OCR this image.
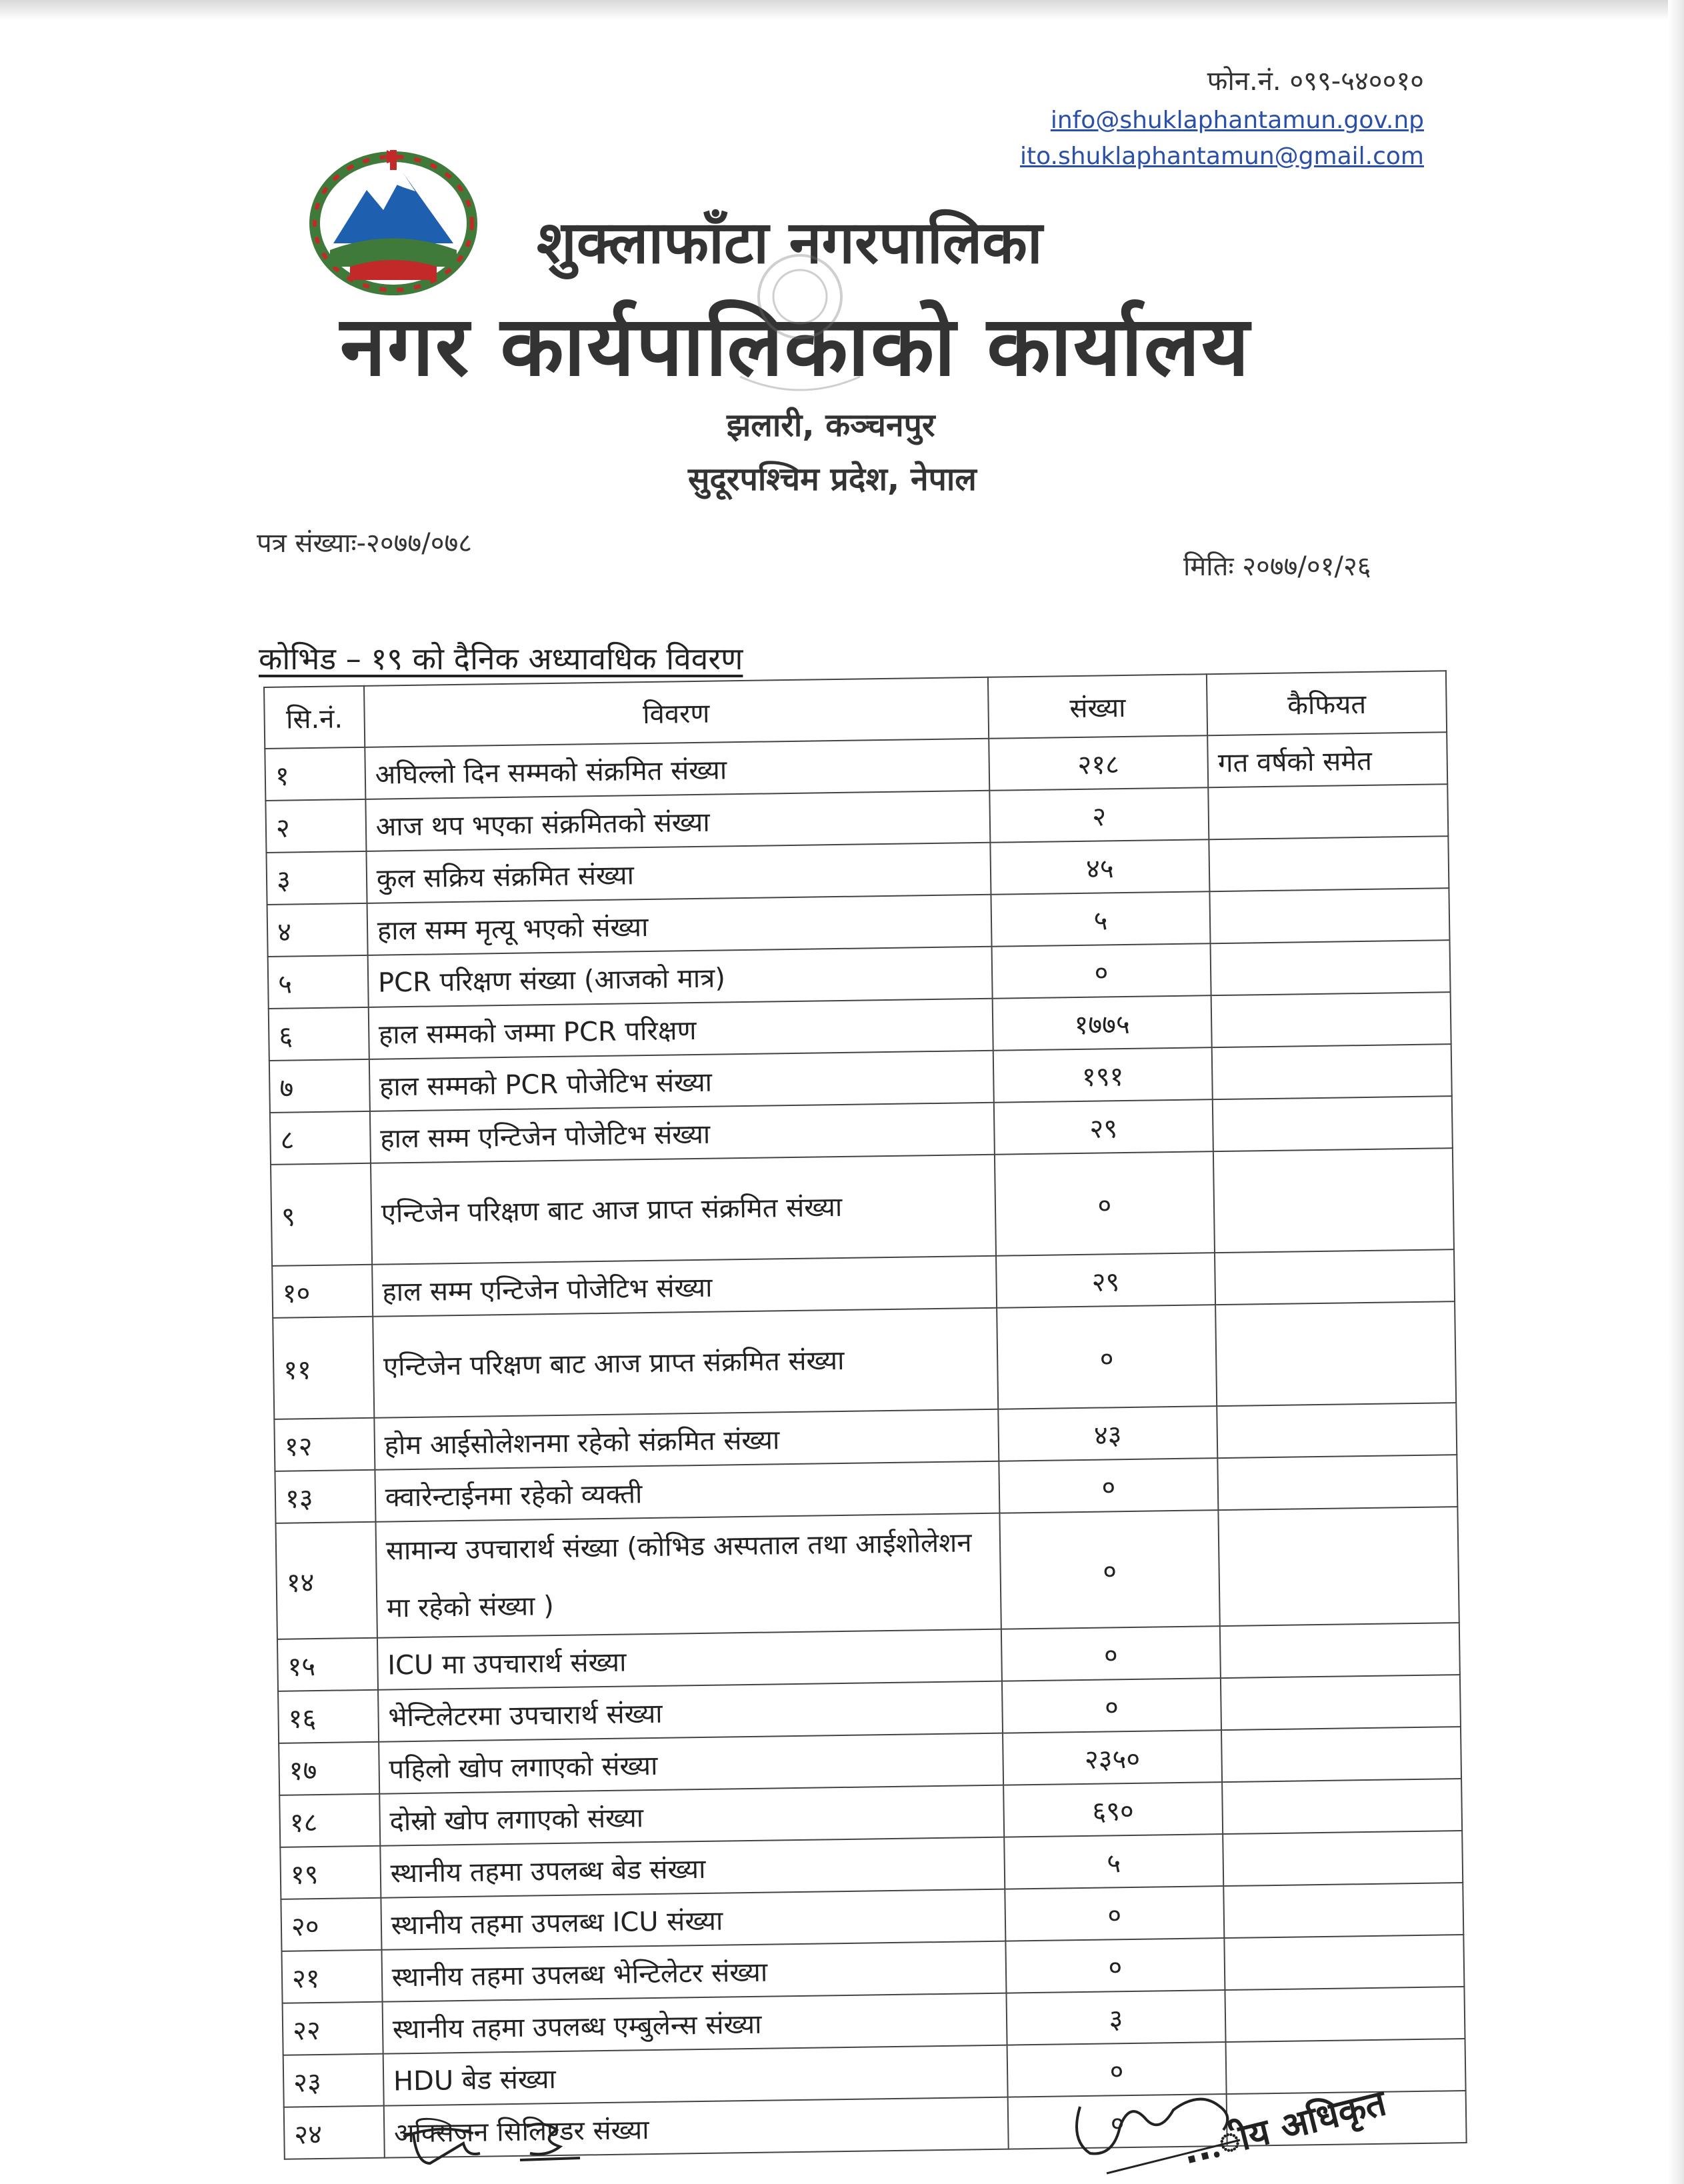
फोन.नं. ०९९-५४००१०
info@shuklaphantamun.gov.np
ito.shuklaphantamun@gmail.com
शुक्लाफाँटा नगरपालिका
नगर कार्यपालिकाको कार्यालय
झलारी, कञ्चनपुर
सुदूरपश्चिम प्रदेश, नेपाल
पत्र संख्याः-२०७७/०७८
मितिः २०७७/०१/२६
कोभिड – १९ को दैनिक अध्यावधिक विवरण
सि.नं.	विवरण	संख्या	कैफियत
१	अघिल्लो दिन सम्मको संक्रमित संख्या	२१८	गत वर्षको समेत
२	आज थप भएका संक्रमितको संख्या	२	
३	कुल सक्रिय संक्रमित संख्या	४५	
४	हाल सम्म मृत्यू भएको संख्या	५	
५	PCR परिक्षण संख्या (आजको मात्र)	०	
६	हाल सम्मको जम्मा PCR परिक्षण	१७७५	
७	हाल सम्मको PCR पोजेटिभ संख्या	१९१	
८	हाल सम्म एन्टिजेन पोजेटिभ संख्या	२९	
९	एन्टिजेन परिक्षण बाट आज प्राप्त संक्रमित संख्या	०	
१०	हाल सम्म एन्टिजेन पोजेटिभ संख्या	२९	
११	एन्टिजेन परिक्षण बाट आज प्राप्त संक्रमित संख्या	०	
१२	होम आईसोलेशनमा रहेको संक्रमित संख्या	४३	
१३	क्वारेन्टाईनमा रहेको व्यक्ती	०	
१४	सामान्य उपचारार्थ संख्या (कोभिड अस्पताल तथा आईशोलेशन मा रहेको संख्या )	०	
१५	ICU मा उपचारार्थ संख्या	०	
१६	भेन्टिलेटरमा उपचारार्थ संख्या	०	
१७	पहिलो खोप लगाएको संख्या	२३५०	
१८	दोस्रो खोप लगाएको संख्या	६९०	
१९	स्थानीय तहमा उपलब्ध बेड संख्या	५	
२०	स्थानीय तहमा उपलब्ध ICU संख्या	०	
२१	स्थानीय तहमा उपलब्ध भेन्टिलेटर संख्या	०	
२२	स्थानीय तहमा उपलब्ध एम्बुलेन्स संख्या	३	
२३	HDU बेड संख्या	०	
२४	अक्सिजन सिलिण्डर संख्या	०	...ीय अधिकृत
